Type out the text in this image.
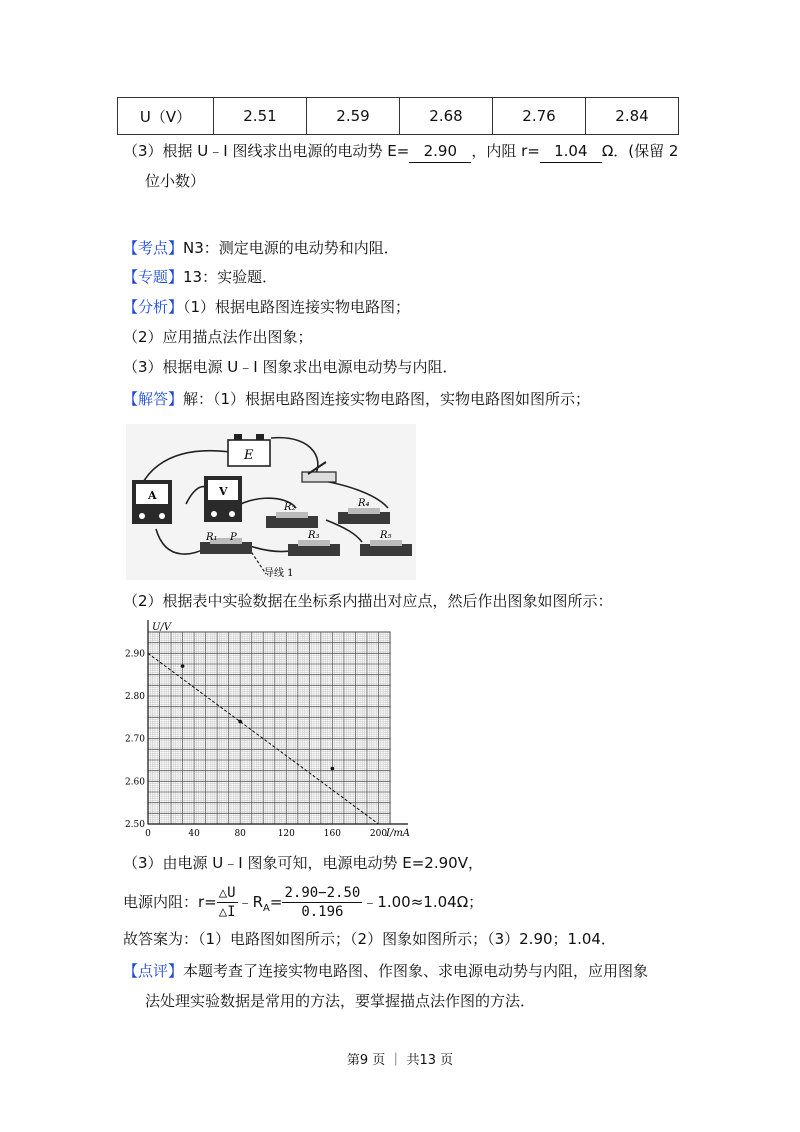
U（V）	2.51	2.59	2.68	2.76	2.84
（3）根据 U﹣I 图线求出电源的电动势 E= 2.90 ，内阻 r= 1.04 Ω．(保留 2
位小数）
【考点】N3：测定电源的电动势和内阻．
【专题】13：实验题．
【分析】（1）根据电路图连接实物电路图；
（2）应用描点法作出图象；
（3）根据电源 U﹣I 图象求出电源电动势与内阻．
【解答】解：（1）根据电路图连接实物电路图，实物电路图如图所示；
E
A	V
R₁ P
R₂
R₃
R₄
R₅
导线 1
（2）根据表中实验数据在坐标系内描出对应点，然后作出图象如图所示：
0	40	80	120	160	200
2.50
2.60
2.70
2.80
2.90
U/V
I/mA
（3）由电源 U﹣I 图象可知，电源电动势 E=2.90V，
电源内阻：$r= \frac{\triangle U}{\triangle I}$ $﹣R_A= \frac{2.90-2.50}{0.196}$ ﹣1.00≈1.04Ω；
故答案为：（1）电路图如图所示；（2）图象如图所示；（3）2.90；1.04．
【点评】本题考查了连接实物电路图、作图象、求电源电动势与内阻，应用图象
法处理实验数据是常用的方法，要掌握描点法作图的方法．
第9 页 ｜ 共13 页
